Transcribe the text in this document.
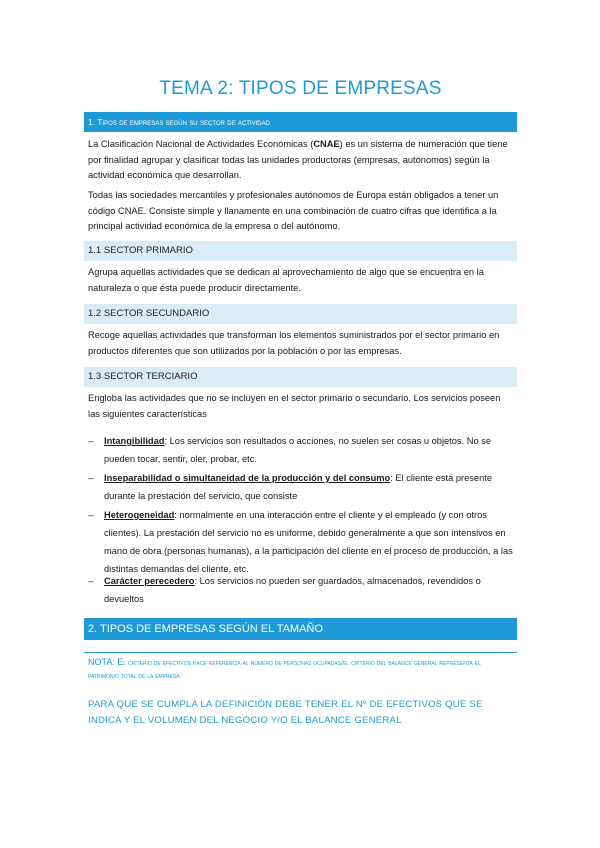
TEMA 2: TIPOS DE EMPRESAS
1. Tipos de empresas según su sector de actividad
La Clasificación Nacional de Actividades Económicas (CNAE) es un sistema de numeración que tiene por finalidad agrupar y clasificar todas las unidades productoras (empresas, autónomos) según la actividad económica que desarrollan.
Todas las sociedades mercantiles y profesionales autónomos de Europa están obligados a tener un código CNAE. Consiste simple y llanamente en una combinación de cuatro cifras que identifica a la principal actividad económica de la empresa o del autónomo.
1.1 SECTOR PRIMARIO
Agrupa aquellas actividades que se dedican al aprovechamiento de algo que se encuentra en la naturaleza o que ésta puede producir directamente.
1.2 SECTOR SECUNDARIO
Recoge aquellas actividades que transforman los elementos suministrados por el sector primario en productos diferentes que son utilizados por la población o por las empresas.
1.3 SECTOR TERCIARIO
Engloba las actividades que no se incluyen en el sector primario o secundario. Los servicios poseen las siguientes características
–	Intangibilidad: Los servicios son resultados o acciones, no suelen ser cosas u objetos. No se pueden tocar, sentir, oler, probar, etc.
–	Inseparabilidad o simultaneidad de la producción y del consumo: El cliente está presente durante la prestación del servicio, que consiste
–	Heterogeneidad: normalmente en una interacción entre el cliente y el empleado (y con otros clientes). La prestación del servicio no es uniforme, debido generalmente a que son intensivos en mano de obra (personas humanas), a la participación del cliente en el proceso de producción, a las distintas demandas del cliente, etc.
–	Carácter perecedero: Los servicios no pueden ser guardados, almacenados, revendidos o devueltos
2. TIPOS DE EMPRESAS SEGÚN EL TAMAÑO
NOTA: El criterio de efectivos hace referencia al número de personas ocupadas/el criterio del balance general representa el patrimonio total de la empresa
PARA QUE SE CUMPLA LA DEFINICIÓN DEBE TENER EL Nº DE EFECTIVOS QUE SE INDICA Y EL VOLUMEN DEL NEGOCIO Y/O EL BALANCE GENERAL
